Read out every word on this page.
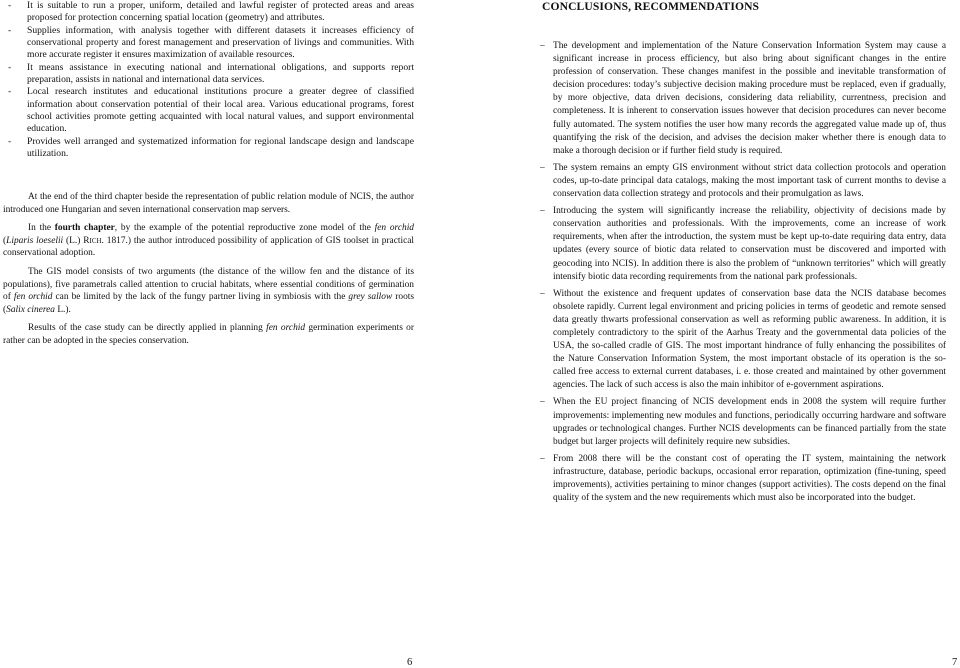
- It is suitable to run a proper, uniform, detailed and lawful register of protected areas and areas proposed for protection concerning spatial location (geometry) and attributes.
- Supplies information, with analysis together with different datasets it increases efficiency of conservational property and forest management and preservation of livings and communities. With more accurate register it ensures maximization of available resources.
- It means assistance in executing national and international obligations, and supports report preparation, assists in national and international data services.
- Local research institutes and educational institutions procure a greater degree of classified information about conservation potential of their local area. Various educational programs, forest school activities promote getting acquainted with local natural values, and support environmental education.
- Provides well arranged and systematized information for regional landscape design and landscape utilization.

At the end of the third chapter beside the representation of public relation module of NCIS, the author introduced one Hungarian and seven international conservation map servers.

In the fourth chapter, by the example of the potential reproductive zone model of the fen orchid (Liparis loeselii (L.) Rich. 1817.) the author introduced possibility of application of GIS toolset in practical conservational adoption.

The GIS model consists of two arguments (the distance of the willow fen and the distance of its populations), five parametrals called attention to crucial habitats, where essential conditions of germination of fen orchid can be limited by the lack of the fungy partner living in symbiosis with the grey sallow roots (Salix cinerea L.).

Results of the case study can be directly applied in planning fen orchid germination experiments or rather can be adopted in the species conservation.

6
CONCLUSIONS, RECOMMENDATIONS
– The development and implementation of the Nature Conservation Information System may cause a significant increase in process efficiency, but also bring about significant changes in the entire profession of conservation. These changes manifest in the possible and inevitable transformation of decision procedures: today’s subjective decision making procedure must be replaced, even if gradually, by more objective, data driven decisions, considering data reliability, currentness, precision and completeness. It is inherent to conservation issues however that decision procedures can never become fully automated. The system notifies the user how many records the aggregated value made up of, thus quantifying the risk of the decision, and advises the decision maker whether there is enough data to make a thorough decision or if further field study is required.
– The system remains an empty GIS environment without strict data collection protocols and operation codes, up-to-date principal data catalogs, making the most important task of current months to devise a conservation data collection strategy and protocols and their promulgation as laws.
– Introducing the system will significantly increase the reliability, objectivity of decisions made by conservation authorities and professionals. With the improvements, come an increase of work requirements, when after the introduction, the system must be kept up-to-date requiring data entry, data updates (every source of biotic data related to conservation must be discovered and imported with geocoding into NCIS). In addition there is also the problem of “unknown territories” which will greatly intensify biotic data recording requirements from the national park professionals.
– Without the existence and frequent updates of conservation base data the NCIS database becomes obsolete rapidly. Current legal environment and pricing policies in terms of geodetic and remote sensed data greatly thwarts professional conservation as well as reforming public awareness. In addition, it is completely contradictory to the spirit of the Aarhus Treaty and the governmental data policies of the USA, the so-called cradle of GIS. The most important hindrance of fully enhancing the possibilites of the Nature Conservation Information System, the most important obstacle of its operation is the so-called free access to external current databases, i. e. those created and maintained by other government agencies. The lack of such access is also the main inhibitor of e-government aspirations.
– When the EU project financing of NCIS development ends in 2008 the system will require further improvements: implementing new modules and functions, periodically occurring hardware and software upgrades or technological changes. Further NCIS developments can be financed partially from the state budget but larger projects will definitely require new subsidies.
– From 2008 there will be the constant cost of operating the IT system, maintaining the network infrastructure, database, periodic backups, occasional error reparation, optimization (fine-tuning, speed improvements), activities pertaining to minor changes (support activities). The costs depend on the final quality of the system and the new requirements which must also be incorporated into the budget.
7
